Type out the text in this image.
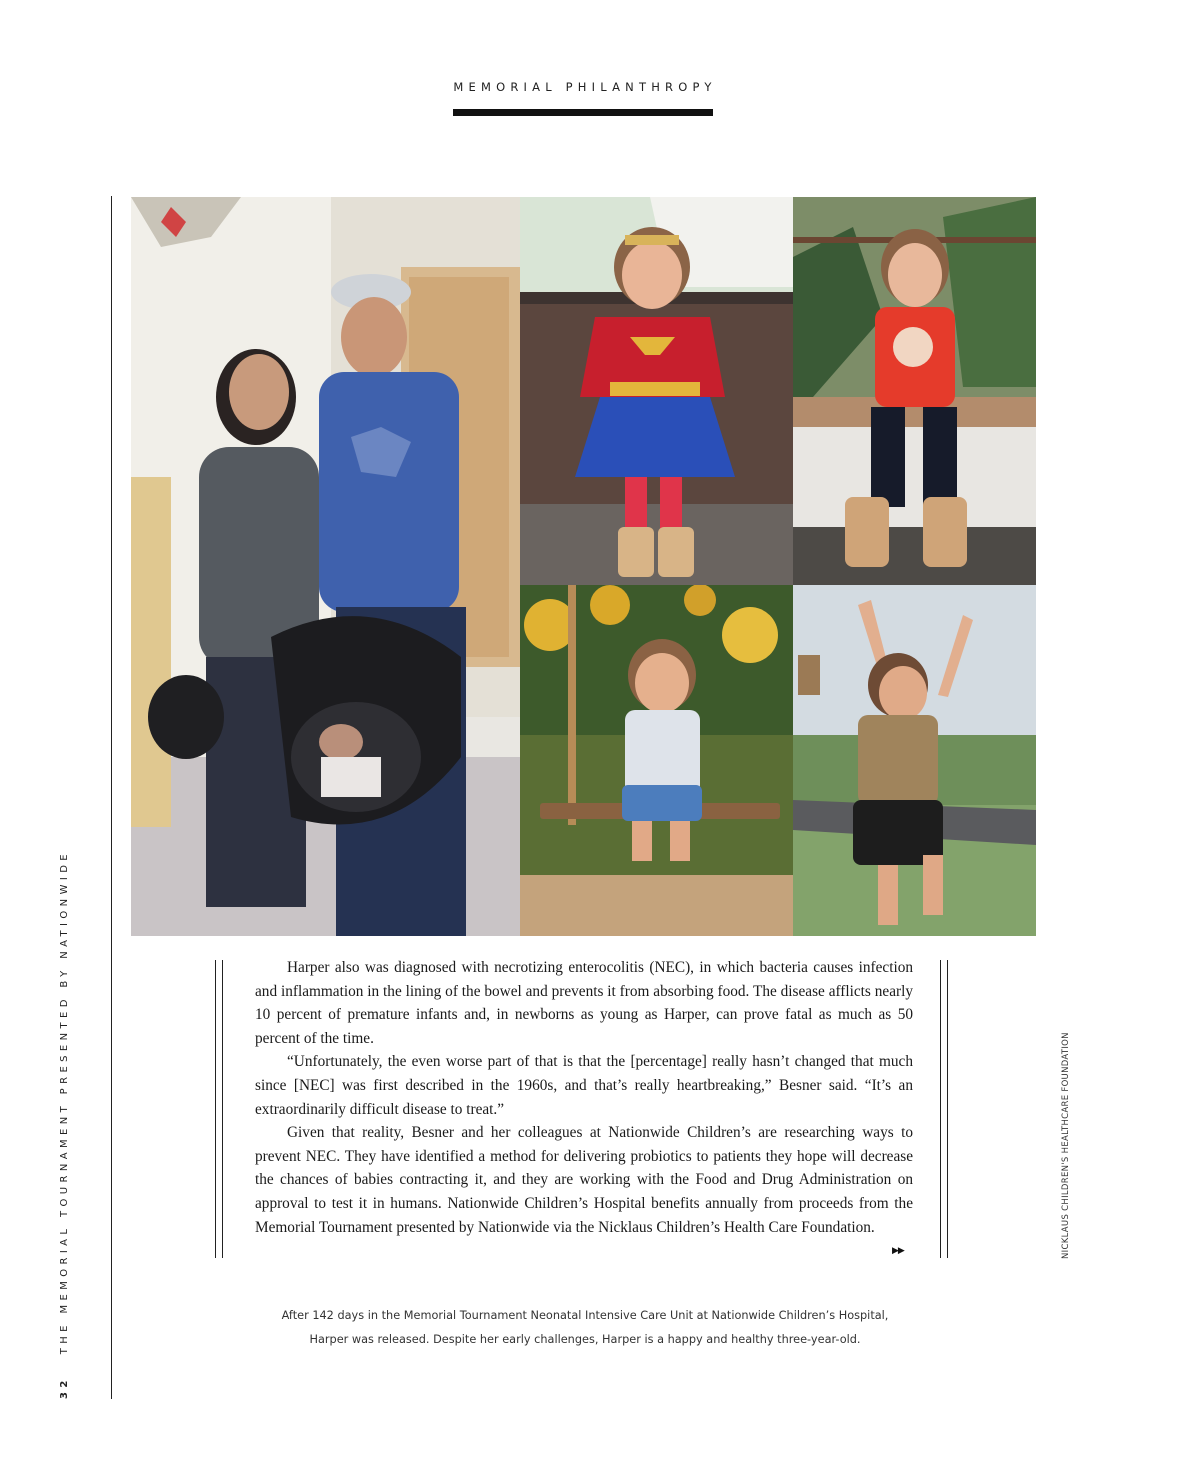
MEMORIAL PHILANTHROPY
32THE MEMORIAL TOURNAMENT PRESENTED BY NATIONWIDE	NICKLAUS CHILDREN'S HEALTHCARE FOUNDATION

Harper also was diagnosed with necrotizing enterocolitis (NEC), in which bacteria causes infection and inflammation in the lining of the bowel and prevents it from absorbing food. The disease afflicts nearly 10 percent of premature infants and, in newborns as young as Harper, can prove fatal as much as 50 percent of the time.

“Unfortunately, the even worse part of that is that the [percentage] really hasn’t changed that much since [NEC] was first described in the 1960s, and that’s really heartbreaking,” Besner said. “It’s an extraordinarily difficult disease to treat.”

Given that reality, Besner and her colleagues at Nationwide Children’s are researching ways to prevent NEC. They have identified a method for delivering probiotics to patients they hope will decrease the chances of babies contracting it, and they are working with the Food and Drug Administration on approval to test it in humans. Nationwide Children’s Hospital benefits annually from proceeds from the Memorial Tournament presented by Nationwide via the Nicklaus Children’s Health Care Foundation.

▶▶
After 142 days in the Memorial Tournament Neonatal Intensive Care Unit at Nationwide Children’s Hospital,
Harper was released. Despite her early challenges, Harper is a happy and healthy three-year-old.
